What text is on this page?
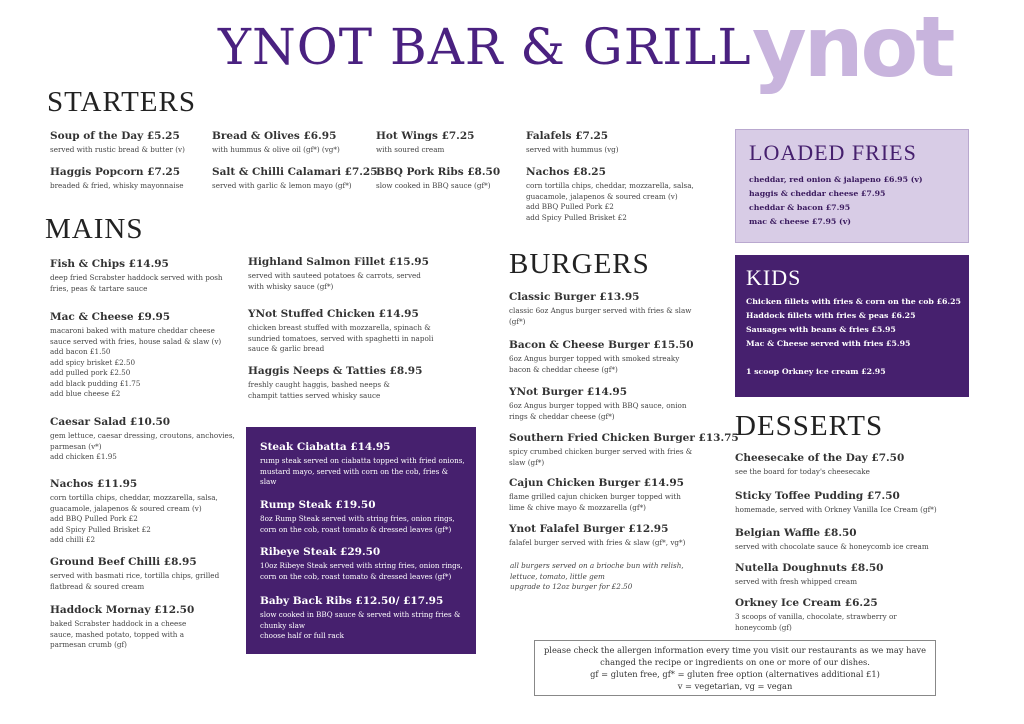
YNOT BAR & GRILL ynot
STARTERS
Soup of the Day £5.25
served with rustic bread & butter (v)
Haggis Popcorn £7.25
breaded & fried, whisky mayonnaise
Bread & Olives £6.95
with hummus & olive oil (gf*) (vg*)
Salt & Chilli Calamari £7.25
served with garlic & lemon mayo (gf*)
Hot Wings £7.25
with soured cream
BBQ Pork Ribs £8.50
slow cooked in BBQ sauce (gf*)
Falafels £7.25
served with hummus (vg)
Nachos £8.25
corn tortilla chips, cheddar, mozzarella, salsa, guacamole, jalapenos & soured cream (v)
add BBQ Pulled Pork £2
add Spicy Pulled Brisket £2
MAINS
Fish & Chips £14.95
deep fried Scrabster haddock served with posh fries, peas & tartare sauce
Mac & Cheese £9.95
macaroni baked with mature cheddar cheese sauce served with fries, house salad & slaw (v)
add bacon £1.50
add spicy brisket £2.50
add pulled pork £2.50
add black pudding £1.75
add blue cheese £2
Caesar Salad £10.50
gem lettuce, caesar dressing, croutons, anchovies, parmesan (v*)
add chicken £1.95
Nachos £11.95
corn tortilla chips, cheddar, mozzarella, salsa, guacamole, jalapenos & soured cream (v)
add BBQ Pulled Pork £2
add Spicy Pulled Brisket £2
add chilli £2
Ground Beef Chilli £8.95
served with basmati rice, tortilla chips, grilled flatbread & soured cream
Haddock Mornay £12.50
baked Scrabster haddock in a cheese sauce, mashed potato, topped with a parmesan crumb (gf)
Highland Salmon Fillet £15.95
served with sauteed potatoes & carrots, served with whisky sauce (gf*)
YNot Stuffed Chicken £14.95
chicken breast stuffed with mozzarella, spinach & sundried tomatoes, served with spaghetti in napoli sauce & garlic bread
Haggis Neeps & Tatties £8.95
freshly caught haggis, bashed neeps & champit tatties served whisky sauce
Steak Ciabatta £14.95
rump steak served on ciabatta topped with fried onions, mustard mayo, served with corn on the cob, fries & slaw
Rump Steak £19.50
8oz Rump Steak served with string fries, onion rings, corn on the cob, roast tomato & dressed leaves (gf*)
Ribeye Steak £29.50
10oz Ribeye Steak served with string fries, onion rings, corn on the cob, roast tomato & dressed leaves (gf*)
Baby Back Ribs £12.50/ £17.95
slow cooked in BBQ sauce & served with string fries & chunky slaw
choose half or full rack
BURGERS
Classic Burger £13.95
classic 6oz Angus burger served with fries & slaw (gf*)
Bacon & Cheese Burger £15.50
6oz Angus burger topped with smoked streaky bacon & cheddar cheese (gf*)
YNot Burger £14.95
6oz Angus burger topped with BBQ sauce, onion rings & cheddar cheese (gf*)
Southern Fried Chicken Burger £13.75
spicy crumbed chicken burger served with fries & slaw (gf*)
Cajun Chicken Burger £14.95
flame grilled cajun chicken burger topped with lime & chive mayo & mozzarella (gf*)
Ynot Falafel Burger £12.95
falafel burger served with fries & slaw (gf*, vg*)
all burgers served on a brioche bun with relish, lettuce, tomato, little gem
upgrade to 12oz burger for £2.50
LOADED FRIES
cheddar, red onion & jalapeno £6.95 (v)
haggis & cheddar cheese £7.95
cheddar & bacon £7.95
mac & cheese £7.95 (v)
KIDS
Chicken fillets with fries & corn on the cob £6.25
Haddock fillets with fries & peas £6.25
Sausages with beans & fries £5.95
Mac & Cheese served with fries £5.95
1 scoop Orkney ice cream £2.95
DESSERTS
Cheesecake of the Day £7.50
see the board for today's cheesecake
Sticky Toffee Pudding £7.50
homemade, served with Orkney Vanilla Ice Cream (gf*)
Belgian Waffle £8.50
served with chocolate sauce & honeycomb ice cream
Nutella Doughnuts £8.50
served with fresh whipped cream
Orkney Ice Cream £6.25
3 scoops of vanilla, chocolate, strawberry or honeycomb (gf)
please check the allergen information every time you visit our restaurants as we may have
changed the recipe or ingredients on one or more of our dishes.
gf = gluten free, gf* = gluten free option (alternatives additional £1)
v = vegetarian, vg = vegan
